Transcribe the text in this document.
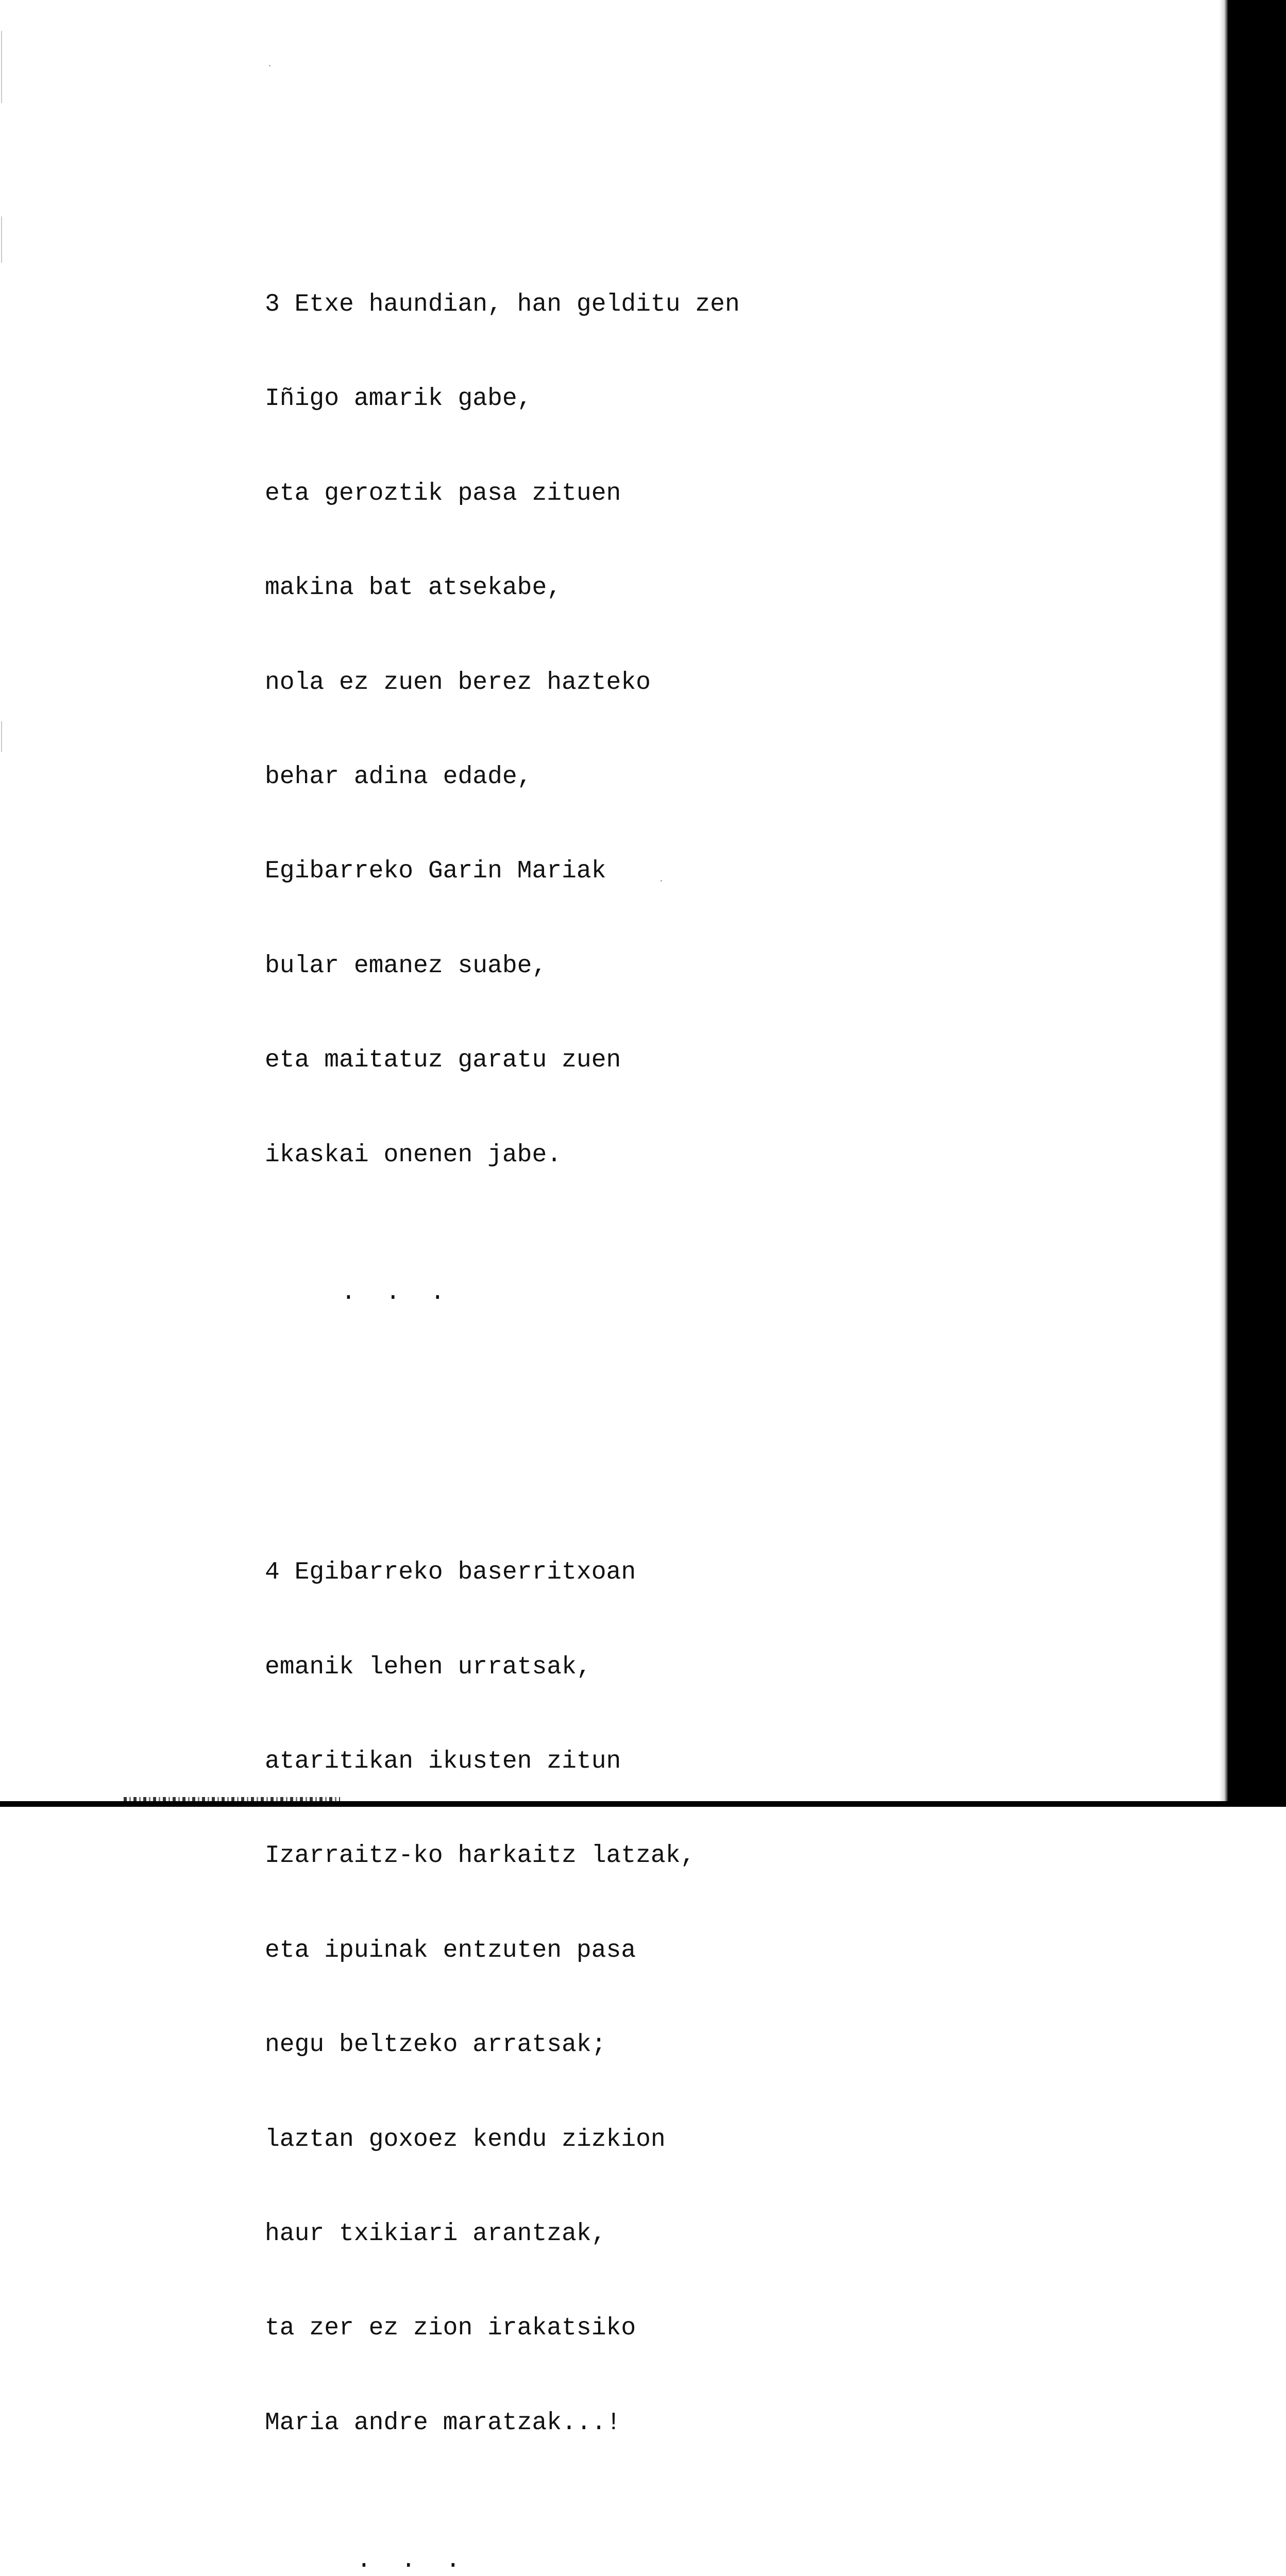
3 Etxe haundian, han gelditu zen

Iñigo amarik gabe,

eta geroztik pasa zituen

makina bat atsekabe,

nola ez zuen berez hazteko

behar adina edade,

Egibarreko Garin Mariak

bular emanez suabe,

eta maitatuz garatu zuen

ikaskai onenen jabe.

. . .

4 Egibarreko baserritxoan

emanik lehen urratsak,

ataritikan ikusten zitun

Izarraitz-ko harkaitz latzak,

eta ipuinak entzuten pasa

negu beltzeko arratsak;

laztan goxoez kendu zizkion

haur txikiari arantzak,

ta zer ez zion irakatsiko

Maria andre maratzak...!

. . .
